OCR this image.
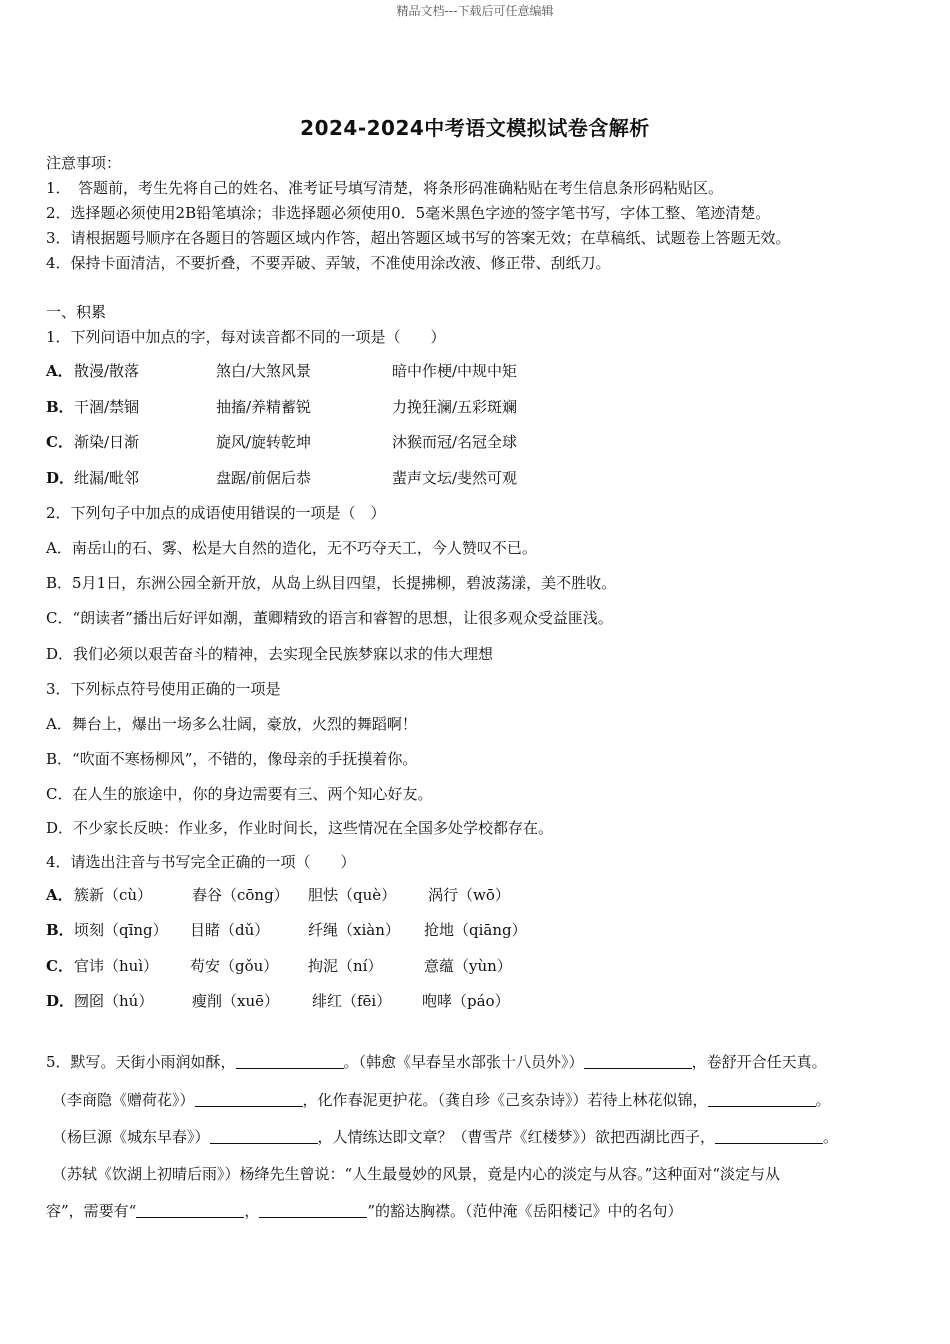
精品文档---下载后可任意编辑
2024-2024中考语文模拟试卷含解析
注意事项：
1．　答题前，考生先将自己的姓名、准考证号填写清楚，将条形码准确粘贴在考生信息条形码粘贴区。
2．选择题必须使用2B铅笔填涂；非选择题必须使用0．5毫米黑色字迹的签字笔书写，字体工整、笔迹清楚。
3．请根据题号顺序在各题目的答题区域内作答，超出答题区域书写的答案无效；在草稿纸、试题卷上答题无效。
4．保持卡面清洁，不要折叠，不要弄破、弄皱，不准使用涂改液、修正带、刮纸刀。
一、积累
1．下列问语中加点的字，每对读音都不同的一项是（　　）
A． 散漫/散落	煞白/大煞风景	暗中作梗/中规中矩
B． 干涸/禁锢	抽搐/养精蓄锐	力挽狂澜/五彩斑斓
C． 渐染/日渐	旋风/旋转乾坤	沐猴而冠/名冠全球
D． 纰漏/毗邻	盘踞/前倨后恭	蜚声文坛/斐然可观
2．下列句子中加点的成语使用错误的一项是（　）
A．南岳山的石、雾、松是大自然的造化，无不巧夺天工，今人赞叹不已。
B．5月1日，东洲公园全新开放，从岛上纵目四望，长提拂柳，碧波荡漾，美不胜收。
C．“朗读者”播出后好评如潮，董卿精致的语言和睿智的思想，让很多观众受益匪浅。
D．我们必须以艰苦奋斗的精神，去实现全民族梦寐以求的伟大理想
3．下列标点符号使用正确的一项是
A．舞台上，爆出一场多么壮阔，豪放，火烈的舞蹈啊！
B．“吹面不寒杨柳风”，不错的，像母亲的手抚摸着你。
C．在人生的旅途中，你的身边需要有三、两个知心好友。
D．不少家长反映：作业多，作业时间长，这些情况在全国多处学校都存在。
4．请选出注音与书写完全正确的一项（　　）
A． 簇新（cù）	舂谷（cōng） 胆怯（què） 涡行（wō）
B． 顷刻（qīng） 目睹（dǔ）	纤绳（xiàn） 抢地（qiāng）
C． 官讳（huì） 苟安（gǒu） 拘泥（ní）	意蕴（yùn）
D． 囫囵（hú）	瘦削（xuē） 绯红（fēi） 咆哮（páo）
5．默写。天街小雨润如酥，	。（韩愈《早春呈水部张十八员外》）	，卷舒开合任天真。
（李商隐《赠荷花》）	，化作春泥更护花。（龚自珍《己亥杂诗》）若待上林花似锦，	。
（杨巨源《城东早春》）	，人情练达即文章？（曹雪芹《红楼梦》）欲把西湖比西子，	。
（苏轼《饮湖上初晴后雨》）杨绛先生曾说：“人生最曼妙的风景，竟是内心的淡定与从容。”这种面对“淡定与从
容”，需要有“	，	”的豁达胸襟。（范仲淹《岳阳楼记》中的名句）
